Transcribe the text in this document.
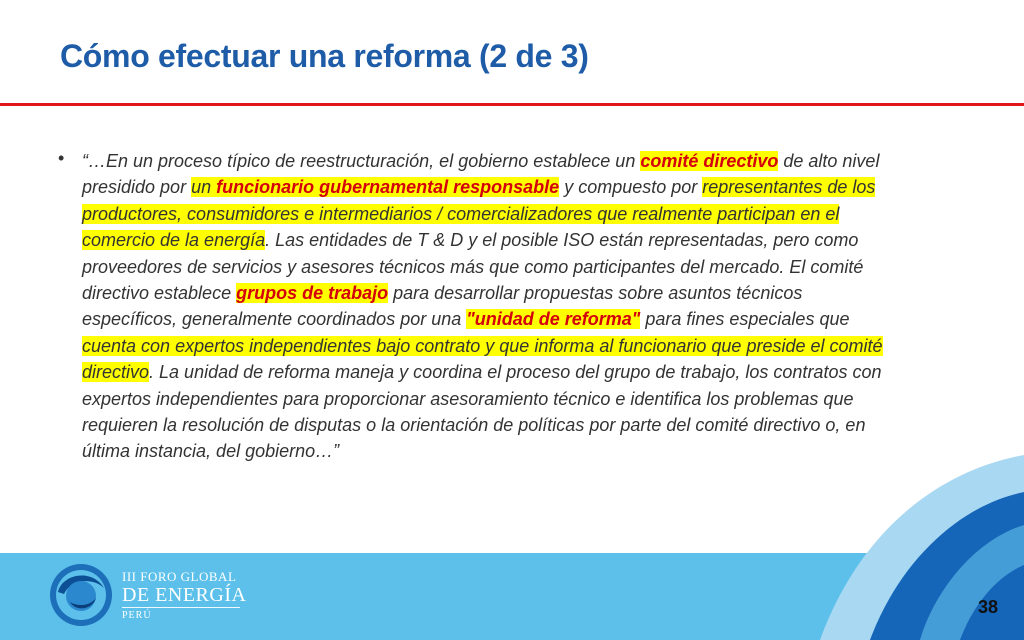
Cómo efectuar una reforma (2 de 3)
• “…En un proceso típico de reestructuración, el gobierno establece un comité directivo de alto nivel presidido por un funcionario gubernamental responsable y compuesto por representantes de los productores, consumidores e intermediarios / comercializadores que realmente participan en el comercio de la energía. Las entidades de T & D y el posible ISO están representadas, pero como proveedores de servicios y asesores técnicos más que como participantes del mercado. El comité directivo establece grupos de trabajo para desarrollar propuestas sobre asuntos técnicos específicos, generalmente coordinados por una "unidad de reforma" para fines especiales que cuenta con expertos independientes bajo contrato y que informa al funcionario que preside el comité directivo. La unidad de reforma maneja y coordina el proceso del grupo de trabajo, los contratos con expertos independientes para proporcionar asesoramiento técnico e identifica los problemas que requieren la resolución de disputas o la orientación de políticas por parte del comité directivo o, en última instancia, del gobierno…”

III FORO GLOBAL
DE ENERGÍA
PERÚ	38
